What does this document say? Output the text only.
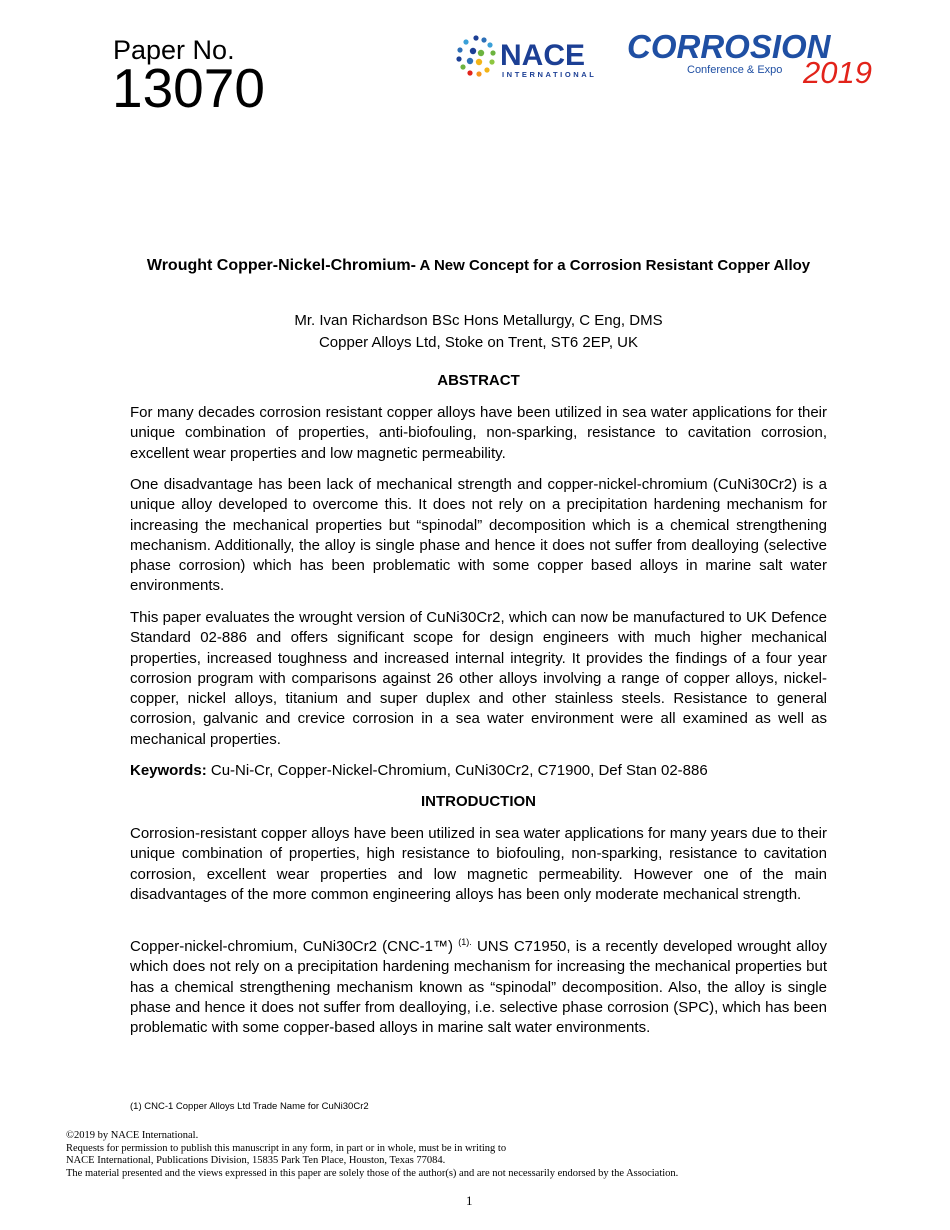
Paper No.
13070
NACE
INTERNATIONAL
CORROSION
Conference & Expo 2019
Wrought Copper-Nickel-Chromium- A New Concept for a Corrosion Resistant Copper Alloy
Mr. Ivan Richardson BSc Hons Metallurgy, C Eng, DMS
Copper Alloys Ltd, Stoke on Trent, ST6 2EP, UK
ABSTRACT
For many decades corrosion resistant copper alloys have been utilized in sea water applications for their unique combination of properties, anti-biofouling, non-sparking, resistance to cavitation corrosion, excellent wear properties and low magnetic permeability.
One disadvantage has been lack of mechanical strength and copper-nickel-chromium (CuNi30Cr2) is a unique alloy developed to overcome this. It does not rely on a precipitation hardening mechanism for increasing the mechanical properties but “spinodal” decomposition which is a chemical strengthening mechanism. Additionally, the alloy is single phase and hence it does not suffer from dealloying (selective phase corrosion) which has been problematic with some copper based alloys in marine salt water environments.
This paper evaluates the wrought version of CuNi30Cr2, which can now be manufactured to UK Defence Standard 02-886 and offers significant scope for design engineers with much higher mechanical properties, increased toughness and increased internal integrity. It provides the findings of a four year corrosion program with comparisons against 26 other alloys involving a range of copper alloys, nickel-copper, nickel alloys, titanium and super duplex and other stainless steels. Resistance to general corrosion, galvanic and crevice corrosion in a sea water environment were all examined as well as mechanical properties.
Keywords: Cu-Ni-Cr, Copper-Nickel-Chromium, CuNi30Cr2, C71900, Def Stan 02-886
INTRODUCTION
Corrosion-resistant copper alloys have been utilized in sea water applications for many years due to their unique combination of properties, high resistance to biofouling, non-sparking, resistance to cavitation corrosion, excellent wear properties and low magnetic permeability. However one of the main disadvantages of the more common engineering alloys has been only moderate mechanical strength.
Copper-nickel-chromium, CuNi30Cr2 (CNC-1™) $^{(1).}$ UNS C71950, is a recently developed wrought alloy which does not rely on a precipitation hardening mechanism for increasing the mechanical properties but has a chemical strengthening mechanism known as “spinodal” decomposition. Also, the alloy is single phase and hence it does not suffer from dealloying, i.e. selective phase corrosion (SPC), which has been problematic with some copper-based alloys in marine salt water environments.
(1) CNC-1 Copper Alloys Ltd Trade Name for CuNi30Cr2
©2019 by NACE International.
Requests for permission to publish this manuscript in any form, in part or in whole, must be in writing to
NACE International, Publications Division, 15835 Park Ten Place, Houston, Texas 77084.
The material presented and the views expressed in this paper are solely those of the author(s) and are not necessarily endorsed by the Association.
1
